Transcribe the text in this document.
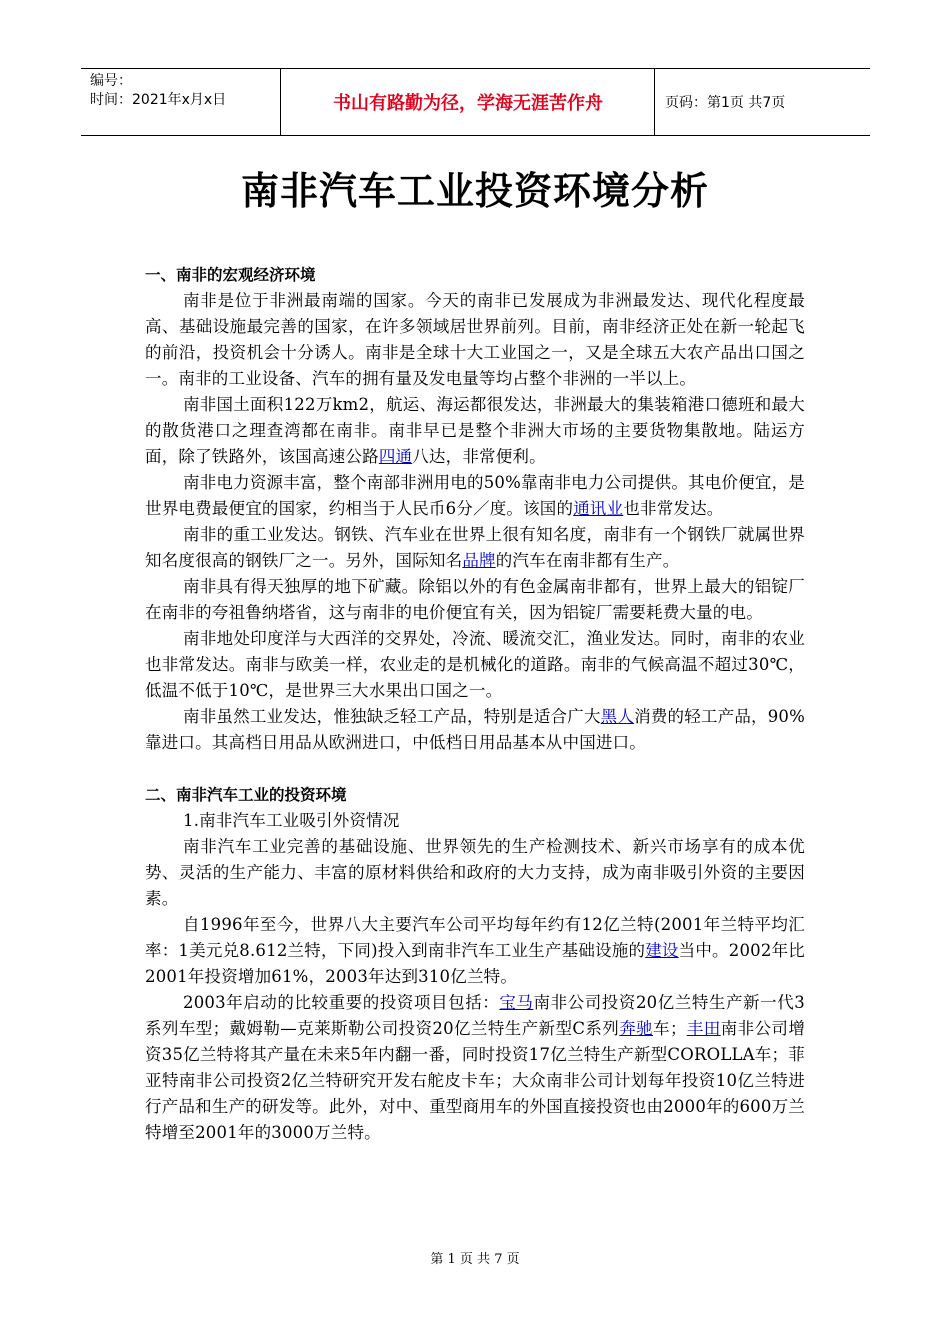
编号：
时间：2021年x月x日	书山有路勤为径，学海无涯苦作舟	页码：第1页 共7页
南非汽车工业投资环境分析

一、南非的宏观经济环境

南非是位于非洲最南端的国家。今天的南非已发展成为非洲最发达、现代化程度最高、基础设施最完善的国家，在许多领域居世界前列。目前，南非经济正处在新一轮起飞的前沿，投资机会十分诱人。南非是全球十大工业国之一，又是全球五大农产品出口国之一。南非的工业设备、汽车的拥有量及发电量等均占整个非洲的一半以上。

南非国土面积122万km2，航运、海运都很发达，非洲最大的集装箱港口德班和最大的散货港口之理查湾都在南非。南非早已是整个非洲大市场的主要货物集散地。陆运方面，除了铁路外，该国高速公路四通八达，非常便利。

南非电力资源丰富，整个南部非洲用电的50%靠南非电力公司提供。其电价便宜，是世界电费最便宜的国家，约相当于人民币6分／度。该国的通讯业也非常发达。

南非的重工业发达。钢铁、汽车业在世界上很有知名度，南非有一个钢铁厂就属世界知名度很高的钢铁厂之一。另外，国际知名品牌的汽车在南非都有生产。

南非具有得天独厚的地下矿藏。除铝以外的有色金属南非都有，世界上最大的铝锭厂在南非的夸祖鲁纳塔省，这与南非的电价便宜有关，因为铝锭厂需要耗费大量的电。

南非地处印度洋与大西洋的交界处，冷流、暖流交汇，渔业发达。同时，南非的农业也非常发达。南非与欧美一样，农业走的是机械化的道路。南非的气候高温不超过30℃，低温不低于10℃，是世界三大水果出口国之一。

南非虽然工业发达，惟独缺乏轻工产品，特别是适合广大黑人消费的轻工产品，90%靠进口。其高档日用品从欧洲进口，中低档日用品基本从中国进口。

二、南非汽车工业的投资环境

1.南非汽车工业吸引外资情况

南非汽车工业完善的基础设施、世界领先的生产检测技术、新兴市场享有的成本优势、灵活的生产能力、丰富的原材料供给和政府的大力支持，成为南非吸引外资的主要因素。

自1996年至今，世界八大主要汽车公司平均每年约有12亿兰特(2001年兰特平均汇率：1美元兑8.612兰特，下同)投入到南非汽车工业生产基础设施的建设当中。2002年比2001年投资增加61%，2003年达到310亿兰特。

2003年启动的比较重要的投资项目包括：宝马南非公司投资20亿兰特生产新一代3系列车型；戴姆勒—克莱斯勒公司投资20亿兰特生产新型C系列奔驰车；丰田南非公司增资35亿兰特将其产量在未来5年内翻一番，同时投资17亿兰特生产新型COROLLA车；菲亚特南非公司投资2亿兰特研究开发右舵皮卡车；大众南非公司计划每年投资10亿兰特进行产品和生产的研发等。此外，对中、重型商用车的外国直接投资也由2000年的600万兰特增至2001年的3000万兰特。

第 1 页 共 7 页
